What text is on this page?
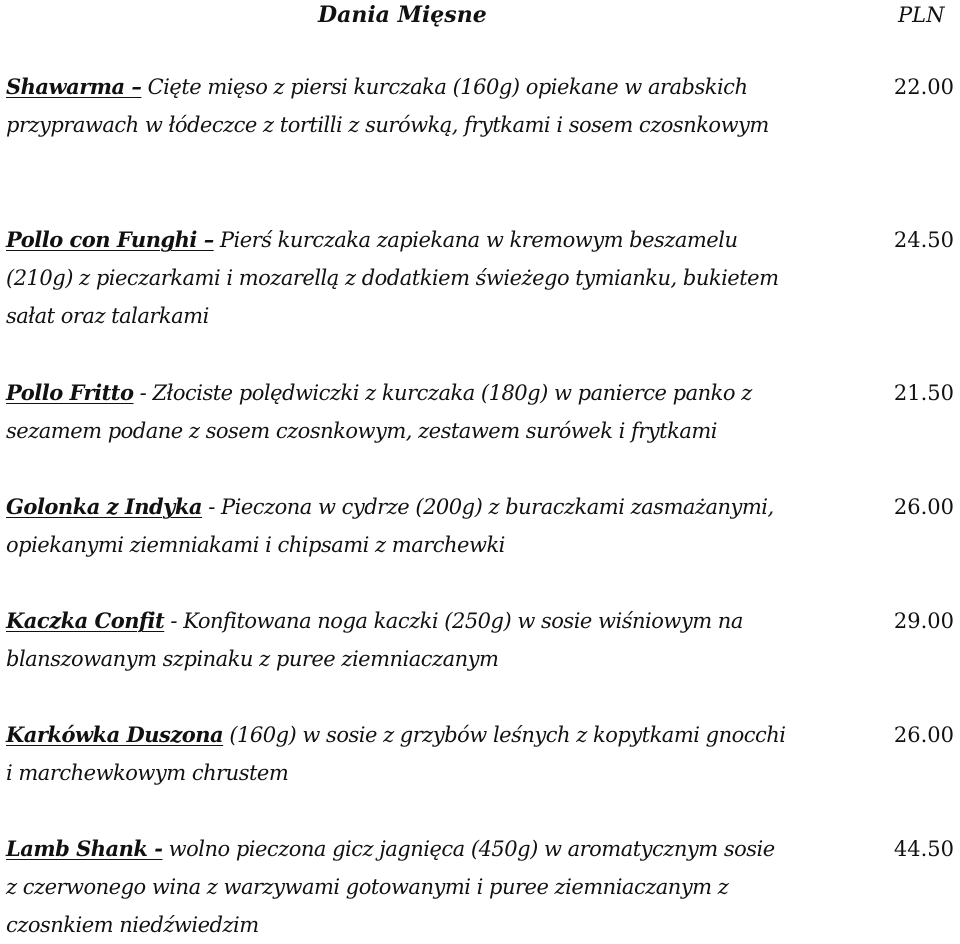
Dania Mięsne	PLN
Shawarma – Cięte mięso z piersi kurczaka (160g) opiekane w arabskich przyprawach w łódeczce z tortilli z surówką, frytkami i sosem czosnkowym
22.00
Pollo con Funghi – Pierś kurczaka zapiekana w kremowym beszamelu (210g) z pieczarkami i mozarellą z dodatkiem świeżego tymianku, bukietem sałat oraz talarkami
24.50
Pollo Fritto - Złociste polędwiczki z kurczaka (180g) w panierce panko z sezamem podane z sosem czosnkowym, zestawem surówek i frytkami
21.50
Golonka z Indyka - Pieczona w cydrze (200g) z buraczkami zasmażanymi, opiekanymi ziemniakami i chipsami z marchewki
26.00
Kaczka Confit - Konfitowana noga kaczki (250g) w sosie wiśniowym na blanszowanym szpinaku z puree ziemniaczanym
29.00
Karkówka Duszona (160g) w sosie z grzybów leśnych z kopytkami gnocchi i marchewkowym chrustem
26.00
Lamb Shank - wolno pieczona gicz jagnięca (450g) w aromatycznym sosie z czerwonego wina z warzywami gotowanymi i puree ziemniaczanym z czosnkiem niedźwiedzim
44.50
